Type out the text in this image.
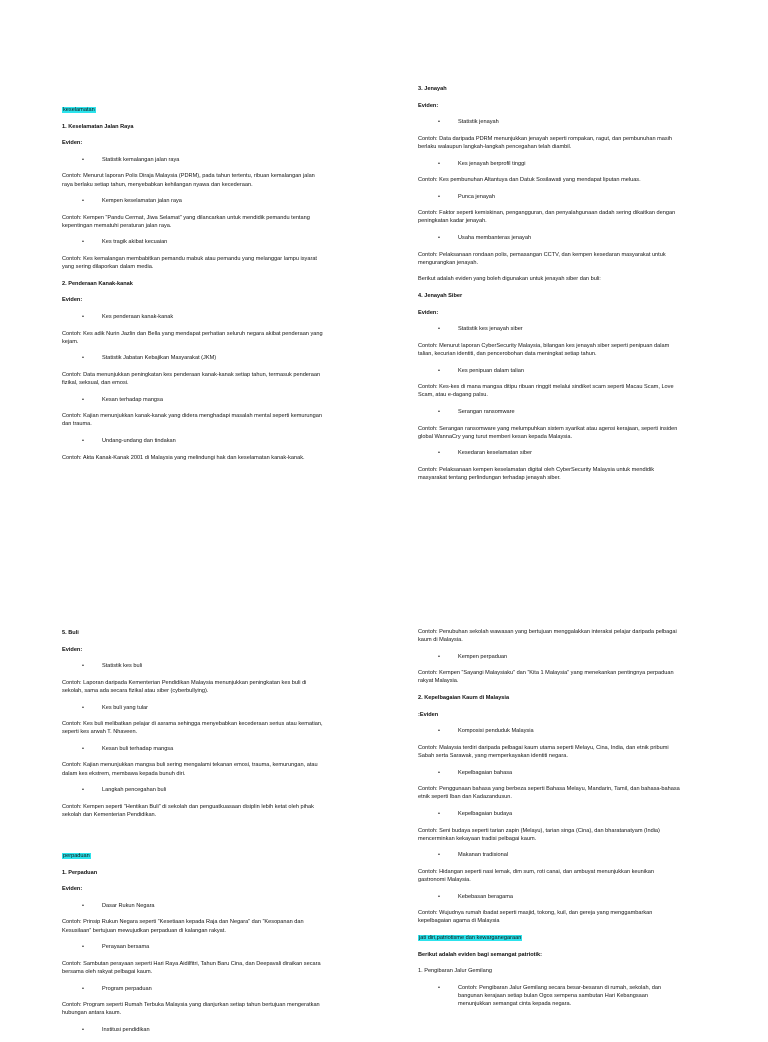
keselamatan
1. Keselamatan Jalan Raya
Eviden:
• Statistik kemalangan jalan raya
Contoh: Menurut laporan Polis Diraja Malaysia (PDRM), pada tahun tertentu, ribuan kemalangan jalan raya berlaku setiap tahun, menyebabkan kehilangan nyawa dan kecederaan.
• Kempen keselamatan jalan raya
Contoh: Kempen “Pandu Cermat, Jiwa Selamat” yang dilancarkan untuk mendidik pemandu tentang kepentingan mematuhi peraturan jalan raya.
• Kes tragik akibat kecuaian
Contoh: Kes kemalangan membabitkan pemandu mabuk atau pemandu yang melanggar lampu isyarat yang sering dilaporkan dalam media.
2. Penderaan Kanak-kanak
Eviden:
• Kes penderaan kanak-kanak
Contoh: Kes adik Nurin Jazlin dan Bella yang mendapat perhatian seluruh negara akibat penderaan yang kejam.
• Statistik Jabatan Kebajikan Masyarakat (JKM)
Contoh: Data menunjukkan peningkatan kes penderaan kanak-kanak setiap tahun, termasuk penderaan fizikal, seksual, dan emosi.
• Kesan terhadap mangsa
Contoh: Kajian menunjukkan kanak-kanak yang didera menghadapi masalah mental seperti kemurungan dan trauma.
• Undang-undang dan tindakan
Contoh: Akta Kanak-Kanak 2001 di Malaysia yang melindungi hak dan keselamatan kanak-kanak.
3. Jenayah
Eviden:
• Statistik jenayah
Contoh: Data daripada PDRM menunjukkan jenayah seperti rompakan, ragut, dan pembunuhan masih berlaku walaupun langkah-langkah pencegahan telah diambil.
• Kes jenayah berprofil tinggi
Contoh: Kes pembunuhan Altantuya dan Datuk Sosilawati yang mendapat liputan meluas.
• Punca jenayah
Contoh: Faktor seperti kemiskinan, pengangguran, dan penyalahgunaan dadah sering dikaitkan dengan peningkatan kadar jenayah.
• Usaha membanteras jenayah
Contoh: Pelaksanaan rondaan polis, pemasangan CCTV, dan kempen kesedaran masyarakat untuk mengurangkan jenayah.
Berikut adalah eviden yang boleh digunakan untuk jenayah siber dan buli:
4. Jenayah Siber
Eviden:
• Statistik kes jenayah siber
Contoh: Menurut laporan CyberSecurity Malaysia, bilangan kes jenayah siber seperti penipuan dalam talian, kecurian identiti, dan pencerobohan data meningkat setiap tahun.
• Kes penipuan dalam talian
Contoh: Kes-kes di mana mangsa ditipu ribuan ringgit melalui sindiket scam seperti Macau Scam, Love Scam, atau e-dagang palsu.
• Serangan ransomware
Contoh: Serangan ransomware yang melumpuhkan sistem syarikat atau agensi kerajaan, seperti insiden global WannaCry yang turut memberi kesan kepada Malaysia.
• Kesedaran keselamatan siber
Contoh: Pelaksanaan kempen keselamatan digital oleh CyberSecurity Malaysia untuk mendidik masyarakat tentang perlindungan terhadap jenayah siber.
5. Buli
Eviden:
• Statistik kes buli
Contoh: Laporan daripada Kementerian Pendidikan Malaysia menunjukkan peningkatan kes buli di sekolah, sama ada secara fizikal atau siber (cyberbullying).
• Kes buli yang tular
Contoh: Kes buli melibatkan pelajar di asrama sehingga menyebabkan kecederaan serius atau kematian, seperti kes arwah T. Nhaveen.
• Kesan buli terhadap mangsa
Contoh: Kajian menunjukkan mangsa buli sering mengalami tekanan emosi, trauma, kemurungan, atau dalam kes ekstrem, membawa kepada bunuh diri.
• Langkah pencegahan buli
Contoh: Kempen seperti “Hentikan Buli” di sekolah dan penguatkuasaan disiplin lebih ketat oleh pihak sekolah dan Kementerian Pendidikan.
perpaduan
1. Perpaduan
Eviden:
• Dasar Rukun Negara
Contoh: Prinsip Rukun Negara seperti “Kesetiaan kepada Raja dan Negara” dan “Kesopanan dan Kesusilaan” bertujuan mewujudkan perpaduan di kalangan rakyat.
• Perayaan bersama
Contoh: Sambutan perayaan seperti Hari Raya Aidilfitri, Tahun Baru Cina, dan Deepavali diraikan secara bersama oleh rakyat pelbagai kaum.
• Program perpaduan
Contoh: Program seperti Rumah Terbuka Malaysia yang dianjurkan setiap tahun bertujuan mengeratkan hubungan antara kaum.
• Institusi pendidikan
Contoh: Penubuhan sekolah wawasan yang bertujuan menggalakkan interaksi pelajar daripada pelbagai kaum di Malaysia.
• Kempen perpaduan
Contoh: Kempen “Sayangi Malaysiaku” dan “Kita 1 Malaysia” yang menekankan pentingnya perpaduan rakyat Malaysia.
2. Kepelbagaian Kaum di Malaysia
:Eviden
• Komposisi penduduk Malaysia
Contoh: Malaysia terdiri daripada pelbagai kaum utama seperti Melayu, Cina, India, dan etnik pribumi Sabah serta Sarawak, yang memperkayakan identiti negara.
• Kepelbagaian bahasa
Contoh: Penggunaan bahasa yang berbeza seperti Bahasa Melayu, Mandarin, Tamil, dan bahasa-bahasa etnik seperti Iban dan Kadazandusun.
• Kepelbagaian budaya
Contoh: Seni budaya seperti tarian zapin (Melayu), tarian singa (Cina), dan bharatanatyam (India) mencerminkan kekayaan tradisi pelbagai kaum.
• Makanan tradisional
Contoh: Hidangan seperti nasi lemak, dim sum, roti canai, dan ambuyat menunjukkan keunikan gastronomi Malaysia.
• Kebebasan beragama
Contoh: Wujudnya rumah ibadat seperti masjid, tokong, kuil, dan gereja yang menggambarkan kepelbagaian agama di Malaysia
jati diri,patriotisme dan kewarganegaraan
Berikut adalah eviden bagi semangat patriotik:
1. Pengibaran Jalur Gemilang
• Contoh: Pengibaran Jalur Gemilang secara besar-besaran di rumah, sekolah, dan bangunan kerajaan setiap bulan Ogos sempena sambutan Hari Kebangsaan menunjukkan semangat cinta kepada negara.
